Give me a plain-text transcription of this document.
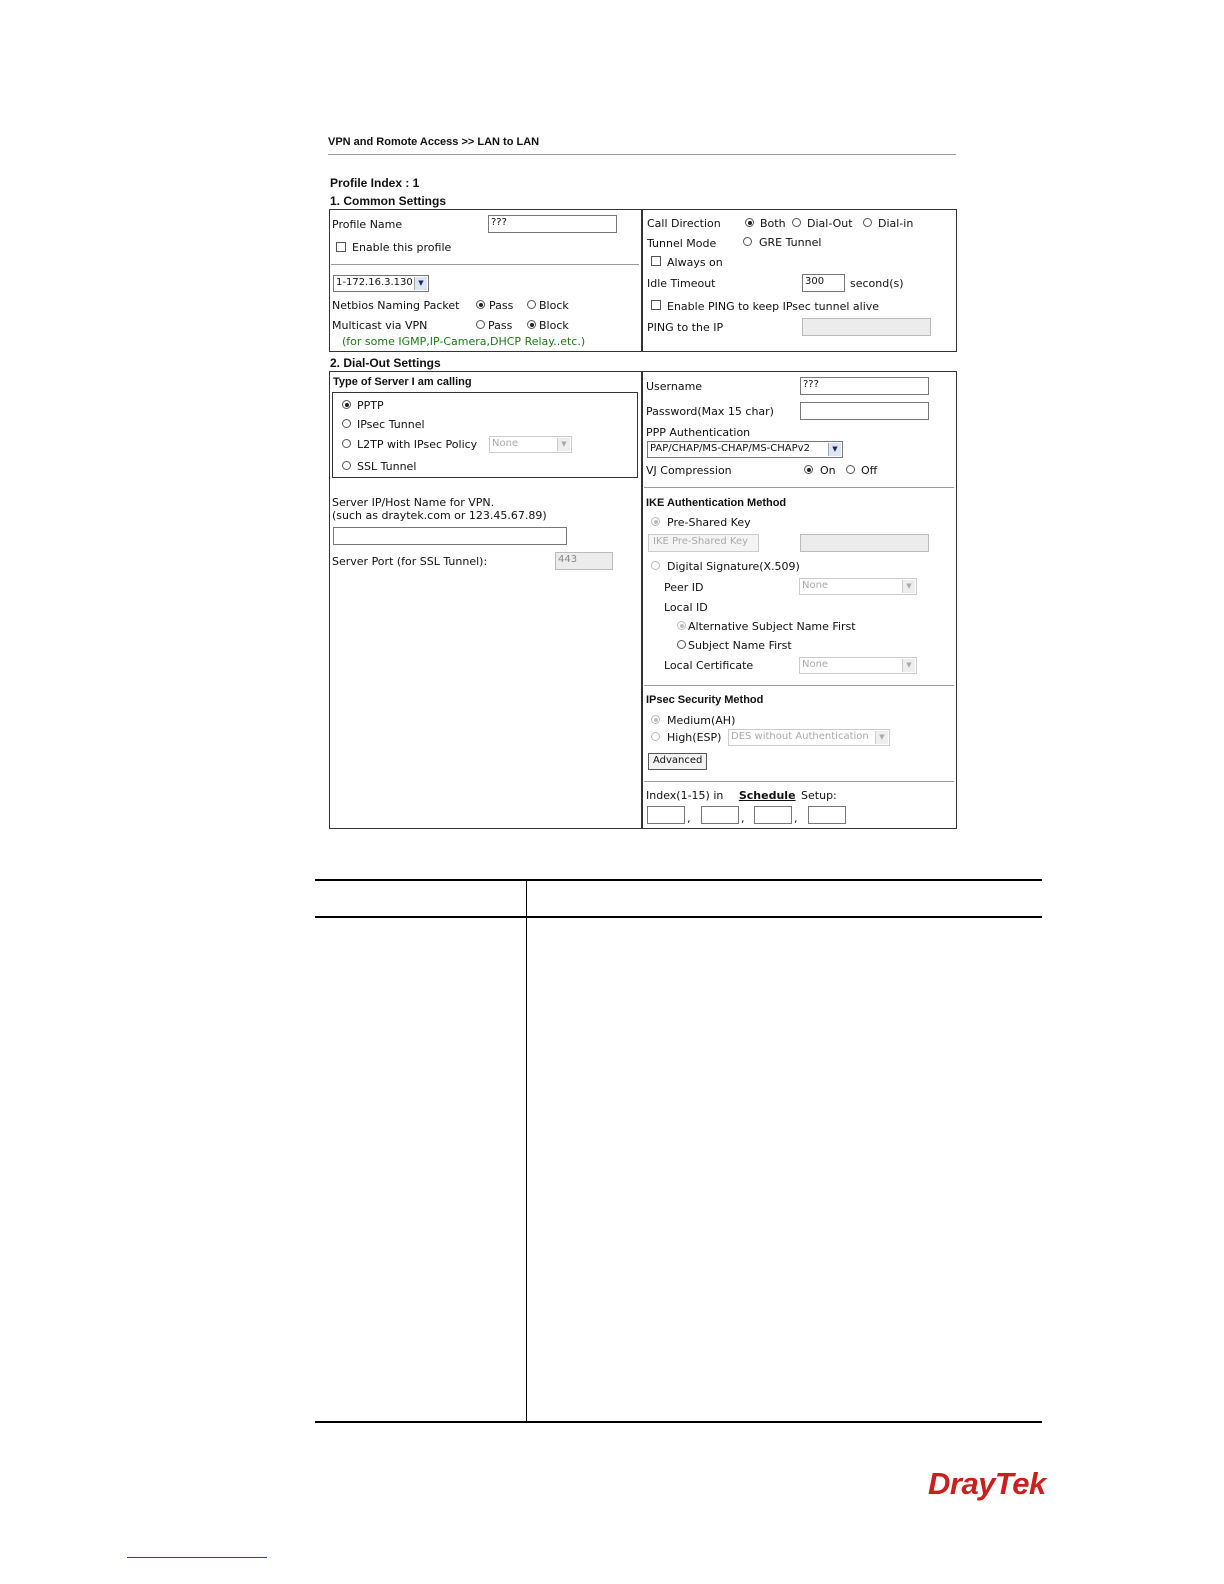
VPN and Romote Access >> LAN to LAN
Profile Index : 1
1. Common Settings
Profile Name	???
Enable this profile
1-172.16.3.130 ▼
Netbios Naming Packet	Pass Block
Multicast via VPN	Pass Block
(for some IGMP,IP-Camera,DHCP Relay..etc.)
Call Direction	Both Dial-Out Dial-in
Tunnel Mode	GRE Tunnel
Always on
Idle Timeout	300	second(s)
Enable PING to keep IPsec tunnel alive
PING to the IP
2. Dial-Out Settings
Type of Server I am calling
PPTP
IPsec Tunnel
L2TP with IPsec Policy	None	▼
SSL Tunnel
Server IP/Host Name for VPN.
(such as draytek.com or 123.45.67.89)
Server Port (for SSL Tunnel):	443
Username	???
Password(Max 15 char)
PPP Authentication
PAP/CHAP/MS-CHAP/MS-CHAPv2	▼
VJ Compression	On Off
IKE Authentication Method
Pre-Shared Key
IKE Pre-Shared Key
Digital Signature(X.509)
Peer ID	None	▼
Local ID
Alternative Subject Name First
Subject Name First
Local Certificate	None	▼
IPsec Security Method
Medium(AH)
High(ESP) DES without Authentication	▼
Advanced
Index(1-15) in Schedule Setup:
,	,	,
DrayTek
